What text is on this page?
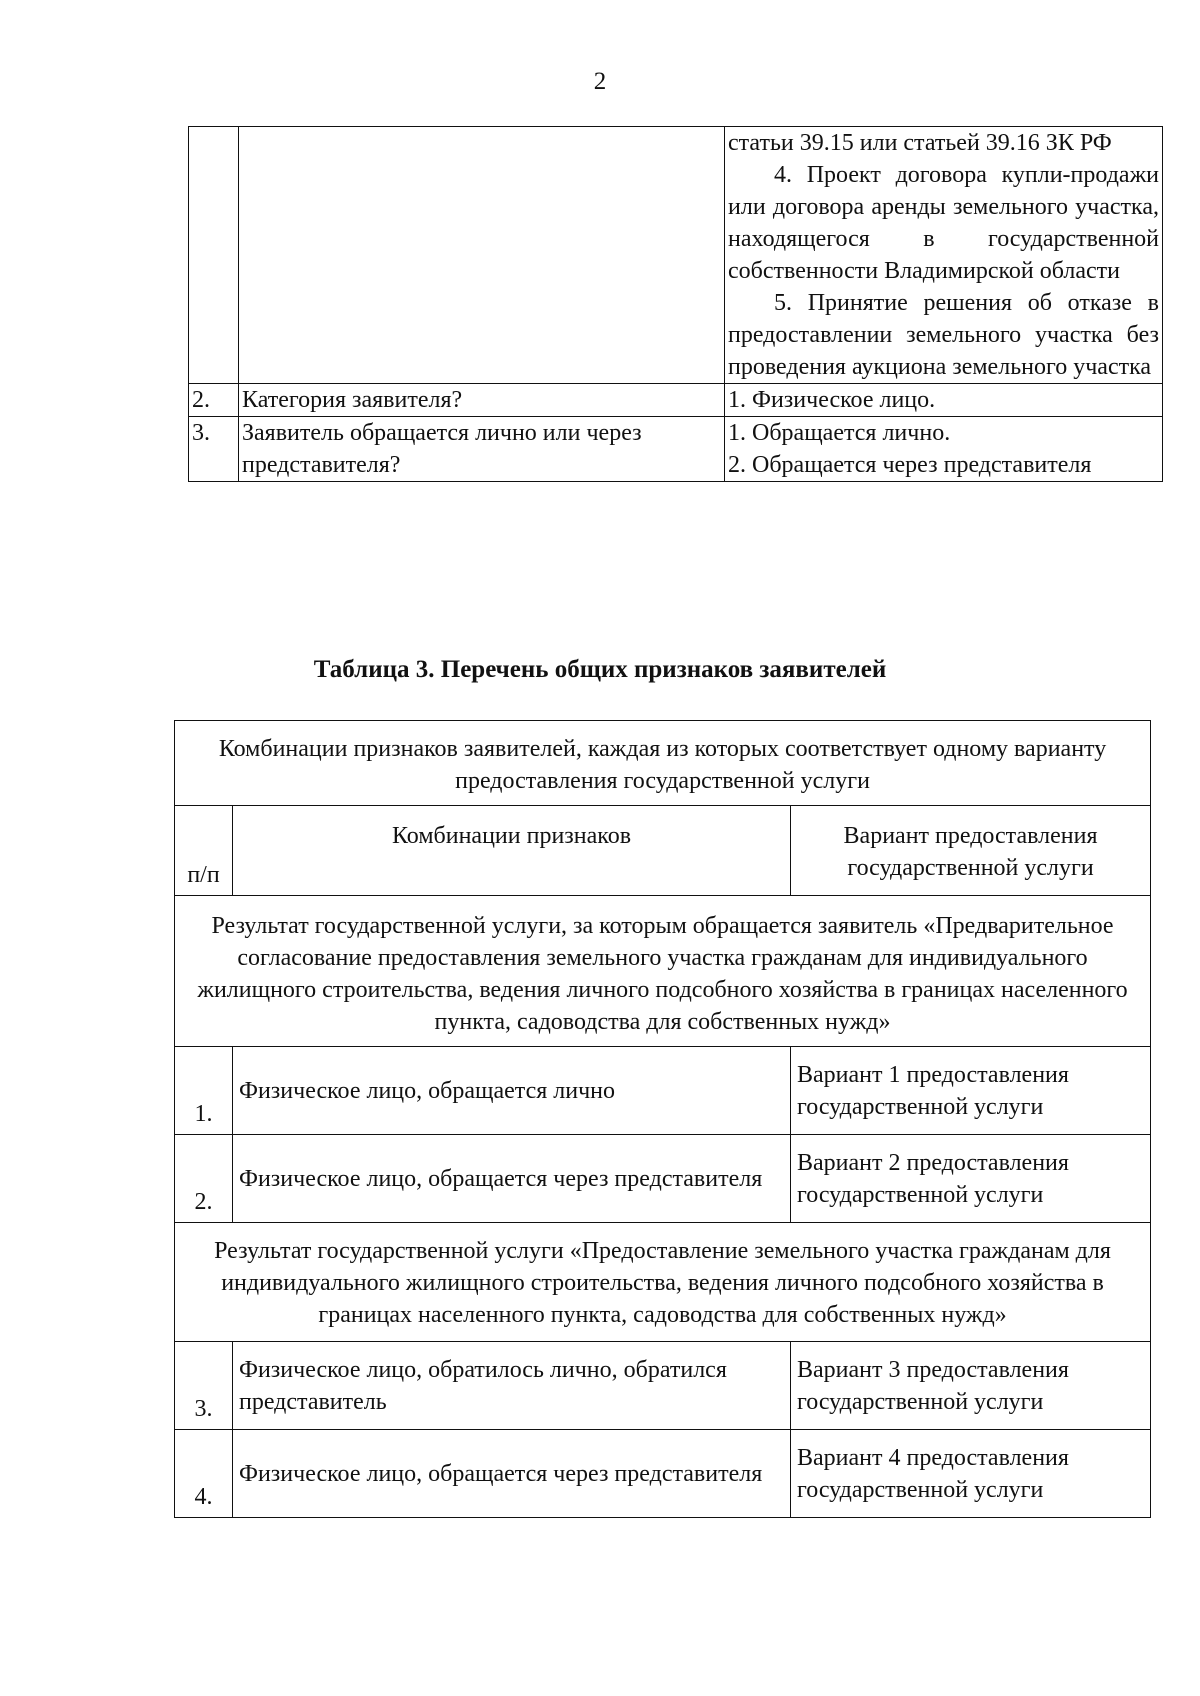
2

		статьи 39.15 или статьей 39.16 ЗК РФ
4. Проект договора купли-продажи или договора аренды земельного участка, находящегося в государственной собственности Владимирской области
5. Принятие решения об отказе в предоставлении земельного участка без проведения аукциона земельного участка

2.	Категория заявителя?	1. Физическое лицо.

3.	Заявитель обращается лично или через представителя?	1. Обращается лично.
2. Обращается через представителя
Таблица 3. Перечень общих признаков заявителей
Комбинации признаков заявителей, каждая из которых соответствует одному варианту предоставления государственной услуги		
п/п	Комбинации признаков	Вариант предоставления государственной услуги
Результат государственной услуги, за которым обращается заявитель «Предварительное согласование предоставления земельного участка гражданам для индивидуального жилищного строительства, ведения личного подсобного хозяйства в границах населенного пункта, садоводства для собственных нужд»		
1.	Физическое лицо, обращается лично	Вариант 1 предоставления государственной услуги
2.	Физическое лицо, обращается через представителя	Вариант 2 предоставления государственной услуги
Результат государственной услуги «Предоставление земельного участка гражданам для индивидуального жилищного строительства, ведения личного подсобного хозяйства в границах населенного пункта, садоводства для собственных нужд»		
3.	Физическое лицо, обратилось лично, обратился представитель	Вариант 3 предоставления государственной услуги
4.	Физическое лицо, обращается через представителя	Вариант 4 предоставления государственной услуги
